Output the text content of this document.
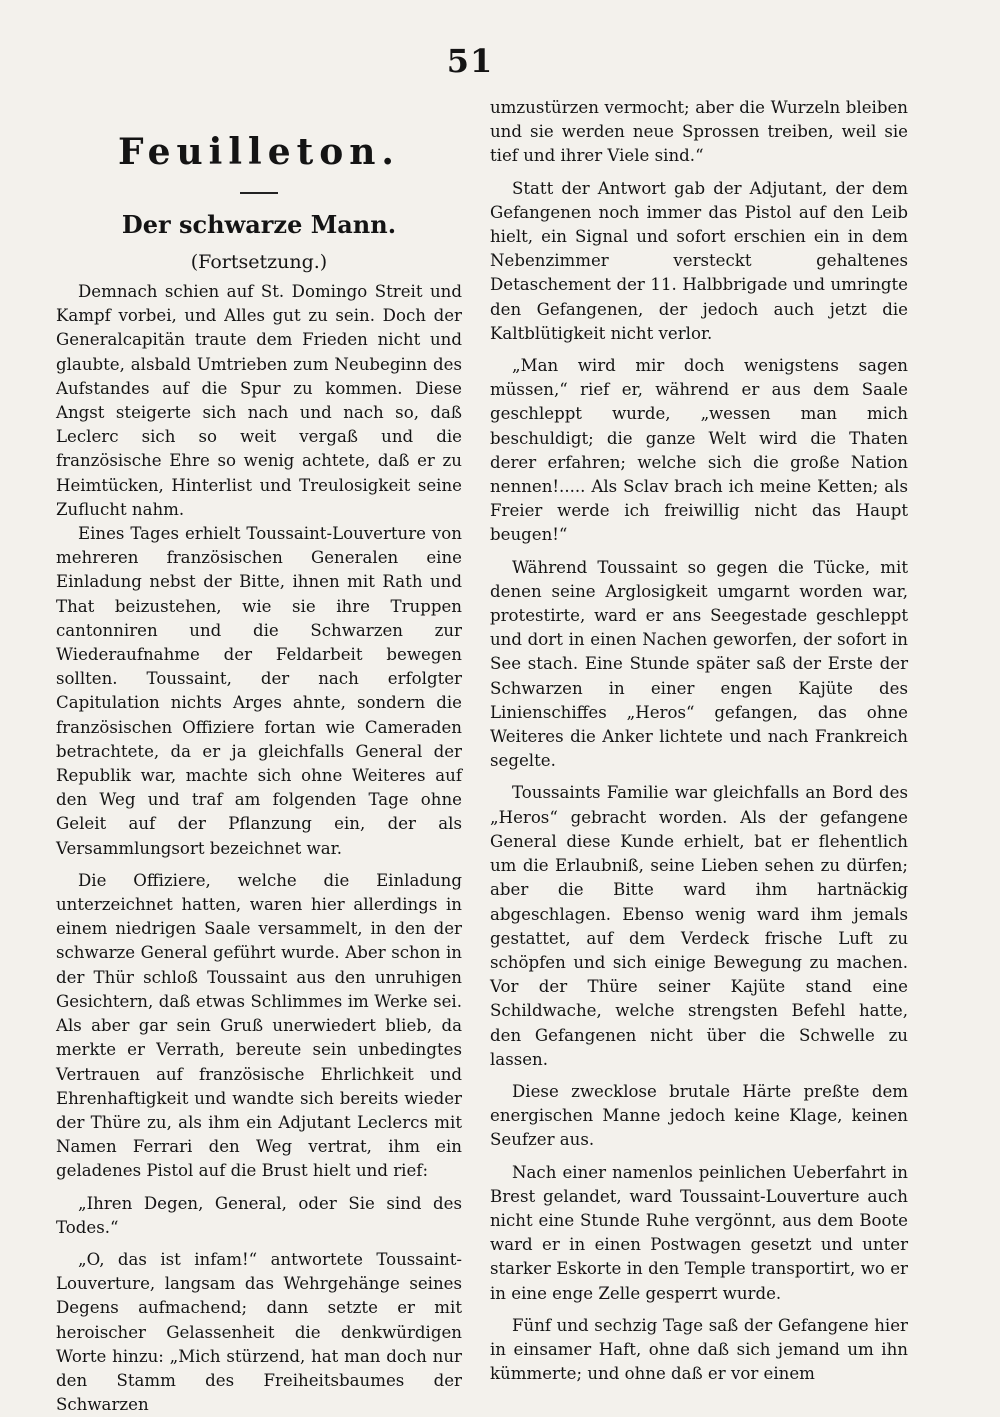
51
Feuilleton.
Der schwarze Mann.
(Fortsetzung.)

Demnach schien auf St. Domingo Streit und Kampf vorbei, und Alles gut zu sein. Doch der Generalcapitän traute dem Frieden nicht und glaubte, alsbald Umtrieben zum Neubeginn des Aufstandes auf die Spur zu kommen. Diese Angst steigerte sich nach und nach so, daß Leclerc sich so weit vergaß und die französische Ehre so wenig achtete, daß er zu Heimtücken, Hinterlist und Treulosigkeit seine Zuflucht nahm.

Eines Tages erhielt Toussaint-Louverture von mehreren französischen Generalen eine Einladung nebst der Bitte, ihnen mit Rath und That beizustehen, wie sie ihre Truppen cantonniren und die Schwarzen zur Wiederaufnahme der Feldarbeit bewegen sollten. Toussaint, der nach erfolgter Capitulation nichts Arges ahnte, sondern die französischen Offiziere fortan wie Cameraden betrachtete, da er ja gleichfalls General der Republik war, machte sich ohne Weiteres auf den Weg und traf am folgenden Tage ohne Geleit auf der Pflanzung ein, der als Versammlungsort bezeichnet war.

Die Offiziere, welche die Einladung unterzeichnet hatten, waren hier allerdings in einem niedrigen Saale versammelt, in den der schwarze General geführt wurde. Aber schon in der Thür schloß Toussaint aus den unruhigen Gesichtern, daß etwas Schlimmes im Werke sei. Als aber gar sein Gruß unerwiedert blieb, da merkte er Verrath, bereute sein unbedingtes Vertrauen auf französische Ehrlichkeit und Ehrenhaftigkeit und wandte sich bereits wieder der Thüre zu, als ihm ein Adjutant Leclercs mit Namen Ferrari den Weg vertrat, ihm ein geladenes Pistol auf die Brust hielt und rief:

„Ihren Degen, General, oder Sie sind des Todes.“

„O, das ist infam!“ antwortete Toussaint-Louverture, langsam das Wehrgehänge seines Degens aufmachend; dann setzte er mit heroischer Gelassenheit die denkwürdigen Worte hinzu: „Mich stürzend, hat man doch nur den Stamm des Freiheitsbaumes der Schwarzen

umzustürzen vermocht; aber die Wurzeln bleiben und sie werden neue Sprossen treiben, weil sie tief und ihrer Viele sind.“

Statt der Antwort gab der Adjutant, der dem Gefangenen noch immer das Pistol auf den Leib hielt, ein Signal und sofort erschien ein in dem Nebenzimmer versteckt gehaltenes Detaschement der 11. Halbbrigade und umringte den Gefangenen, der jedoch auch jetzt die Kaltblütigkeit nicht verlor.

„Man wird mir doch wenigstens sagen müssen,“ rief er, während er aus dem Saale geschleppt wurde, „wessen man mich beschuldigt; die ganze Welt wird die Thaten derer erfahren; welche sich die große Nation nennen!..... Als Sclav brach ich meine Ketten; als Freier werde ich freiwillig nicht das Haupt beugen!“

Während Toussaint so gegen die Tücke, mit denen seine Arglosigkeit umgarnt worden war, protestirte, ward er ans Seegestade geschleppt und dort in einen Nachen geworfen, der sofort in See stach. Eine Stunde später saß der Erste der Schwarzen in einer engen Kajüte des Linienschiffes „Heros“ gefangen, das ohne Weiteres die Anker lichtete und nach Frankreich segelte.

Toussaints Familie war gleichfalls an Bord des „Heros“ gebracht worden. Als der gefangene General diese Kunde erhielt, bat er flehentlich um die Erlaubniß, seine Lieben sehen zu dürfen; aber die Bitte ward ihm hartnäckig abgeschlagen. Ebenso wenig ward ihm jemals gestattet, auf dem Verdeck frische Luft zu schöpfen und sich einige Bewegung zu machen. Vor der Thüre seiner Kajüte stand eine Schildwache, welche strengsten Befehl hatte, den Gefangenen nicht über die Schwelle zu lassen.

Diese zwecklose brutale Härte preßte dem energischen Manne jedoch keine Klage, keinen Seufzer aus.

Nach einer namenlos peinlichen Ueberfahrt in Brest gelandet, ward Toussaint-Louverture auch nicht eine Stunde Ruhe vergönnt, aus dem Boote ward er in einen Postwagen gesetzt und unter starker Eskorte in den Temple transportirt, wo er in eine enge Zelle gesperrt wurde.

Fünf und sechzig Tage saß der Gefangene hier in einsamer Haft, ohne daß sich jemand um ihn kümmerte; und ohne daß er vor einem
